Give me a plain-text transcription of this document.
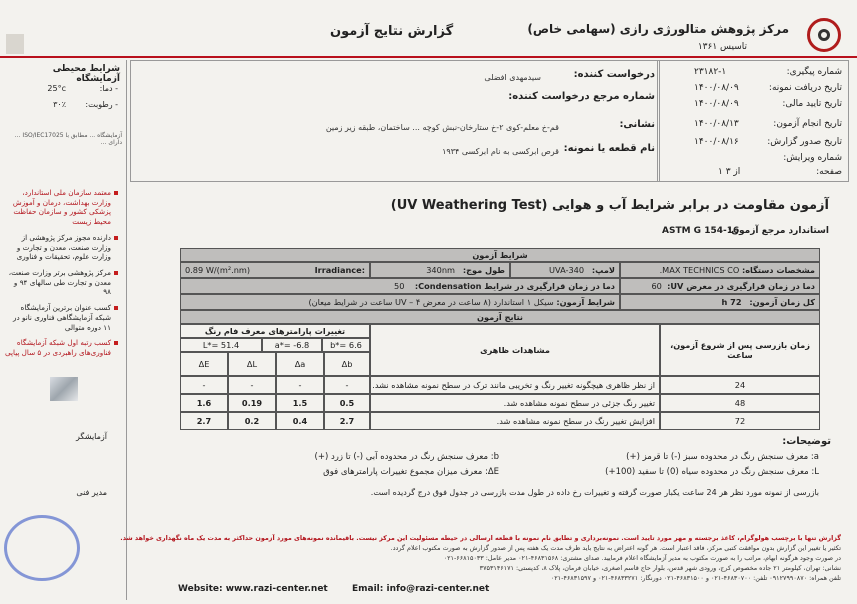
گزارش نتایج آزمون	مرکز پژوهش متالورژی رازی (سهامی خاص)
تاسیس ۱۳۶۱
شماره پیگیری:
۲۳۱۸۲-۱
تاریخ دریافت نمونه:
۱۴۰۰/۰۸/۰۹
تاریخ تایید مالی:
۱۴۰۰/۰۸/۰۹
تاریخ انجام آزمون:
۱۴۰۰/۰۸/۱۳
تاریخ صدور گزارش:
۱۴۰۰/۰۸/۱۶
شماره ویرایش:
صفحه:
۱ از ۳
درخواست کننده:
سیدمهدی افضلی
شماره مرجع درخواست کننده:
نشانی:
قم-خ معلم-کوی ۲-خ ستارخان-نبش کوچه ... ساختمان، طبقه زیر زمین
نام قطعه یا نمونه:
قرص ابرکسی به نام ابرکسی ۱۹۳۴
شرایط محیطی آزمایشگاه
- دما:
25°c
- رطوبت:
۳۰٪
آزمایشگاه ... مطابق با ISO/IEC17025 ... دارای ...
معتمد سازمان ملی استاندارد، وزارت بهداشت، درمان و آموزش پزشکی کشور و سازمان حفاظت محیط زیست
دارنده مجوز مرکز پژوهشی از وزارت صنعت، معدن و تجارت و وزارت علوم، تحقیقات و فناوری
مرکز پژوهشی برتر وزارت صنعت، معدن و تجارت طی سالهای ۹۴ و ۹۸
کسب عنوان برترین آزمایشگاه شبکه آزمایشگاهی فناوری نانو در ۱۱ دوره متوالی
کسب رتبه اول شبکه آزمایشگاه فناوری‌های راهبردی در ۵ سال پیاپی
آزمایشگر
مدیر فنی
آزمون مقاومت در برابر شرایط آب و هوایی (UV Weathering Test)
استاندارد مرجع آزمون:
ASTM G 154-16
شرایط آزمون
مشخصات دستگاه:

MAX TECHNICS CO.
لامپ:

UVA-340
طول موج:

340nm
0.89 W/(m².nm)	Irradiance:
دما در زمان قرارگیری در معرض UV:

60
دما در زمان قرارگیری در شرایط Condensation:

50
کل زمان آزمون:

72 h
شرایط آزمون:

سیکل ۱ استاندارد (۸ ساعت در معرض UV – ۴ ساعت در شرایط میعان)
نتایج آزمون
زمان بازرسی پس از شروع آزمون، ساعت
مشاهدات ظاهری
تغییرات پارامترهای معرف فام رنگ
b*= 6.6
a*= -6.8
L*= 51.4
ΔE	ΔL	Δa	Δb
24
از نظر ظاهری هیچگونه تغییر رنگ و تخریبی مانند ترک در سطح نمونه مشاهده نشد.
-	-	-	-
48
تغییر رنگ جزئی در سطح نمونه مشاهده شد.
1.6	0.19	1.5	0.5
72
افزایش تغییر رنگ در سطح نمونه مشاهده شد.
2.7	0.2	0.4	2.7
توضیحات:
a: معرف سنجش رنگ در محدوده سبز (-) تا قرمز (+)
b: معرف سنجش رنگ در محدوده آبی (-) تا زرد (+)
L: معرف سنجش رنگ در محدوده سیاه (0) تا سفید (100+)
ΔE: معرف میزان مجموع تغییرات پارامترهای فوق
بازرسی از نمونه مورد نظر هر 24 ساعت یکبار صورت گرفته و تغییرات رخ داده در طول مدت بازرسی در جدول فوق درج گردیده است.
گزارش تنها با برچسب هولوگرام، کاغذ برجسته و مهر مورد تایید است. نمونه‌برداری و تطابق نام نمونه با قطعه ارسالی در حیطه مسئولیت این مرکز نیست. باقیمانده نمونه‌های مورد آزمون حداکثر به مدت یک ماه نگهداری خواهد شد.
تکثیر یا تغییر این گزارش بدون موافقت کتبی مرکز، فاقد اعتبار است. هر گونه اعتراض به نتایج باید ظرف مدت یک هفته پس از صدور گزارش به صورت مکتوب اعلام گردد.
در صورت وجود هرگونه ابهام، مراتب را به صورت مکتوب به مدیر آزمایشگاه اعلام فرمایید. صدای مشتری: ۴۶۸۳۱۵۶۸-۰۲۱ مدیر عامل: ۶۶۸۱۵۰۳۳-۰۲۱
نشانی: تهران، کیلومتر ۲۱ جاده مخصوص کرج، ورودی شهر قدس، بلوار حاج قاسم اصغری، خیابان فرمان، پلاک ۸، کدپستی: ۳۷۵۳۱۴۶۱۷۱
تلفن همراه: ۰۹۱۲۷۹۹۰۸۷۰ تلفن: ۴۶۸۳۰۷۰۰-۰۲۱ و ۴۶۸۳۱۵۰۰-۰۲۱ دورنگار: ۴۶۸۳۳۲۷۱-۰۲۱ و ۴۶۸۳۱۵۹۷-۰۲۱
Website: www.razi-center.net	Email: info@razi-center.net
